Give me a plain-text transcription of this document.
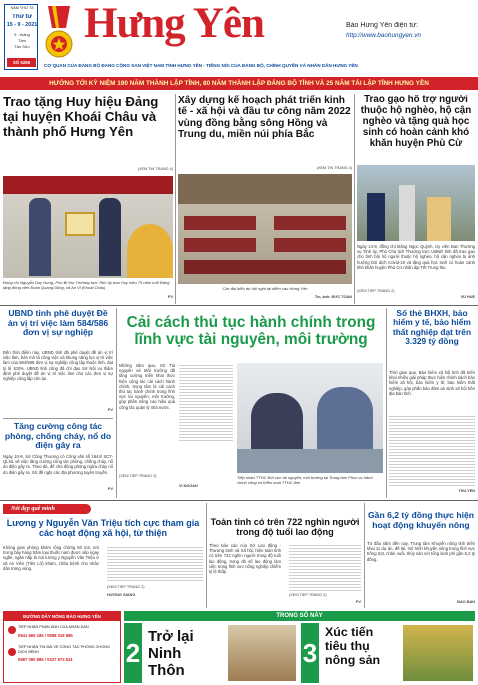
NĂM THỨ 78
Thứ tư
15 - 9 - 2021
9 - tháng
Tám
Tân Sửu
SỐ 5285
Hưng Yên	Báo Hưng Yên điện tử:
http://www.baohungyen.vn
CƠ QUAN CỦA ĐẢNG BỘ ĐẢNG CỘNG SẢN VIỆT NAM TỈNH HƯNG YÊN - TIẾNG NÓI CỦA ĐẢNG BỘ, CHÍNH QUYỀN VÀ NHÂN DÂN HƯNG YÊN
HƯỚNG TỚI KỶ NIỆM 190 NĂM THÀNH LẬP TỈNH, 80 NĂM THÀNH LẬP ĐẢNG BỘ TỈNH VÀ 25 NĂM TÁI LẬP TỈNH HƯNG YÊN
Trao tặng Huy hiệu Đảng tại huyện Khoái Châu và thành phố Hưng Yên
(XEM TIN TRANG 4)
Đồng chí Nguyễn Duy Hưng, Phó Bí thư Thường trực Tỉnh ủy trao Huy hiệu 75 năm tuổi Đảng tặng đồng viên Đoàn Quang Dũng, xã An Vĩ (Khoái Châu)
PV
Xây dựng kế hoạch phát triển kinh tế - xã hội và đầu tư công năm 2022 vùng đồng bằng sông Hồng và Trung du, miền núi phía Bắc
(XEM TIN TRANG 4)
Các đại biểu dự hội nghị tại điểm cầu Hưng Yên
Tin, ảnh: ĐỨC TOÀN
Trao gạo hỗ trợ người thuộc hộ nghèo, hộ cận nghèo và tặng quà học sinh có hoàn cảnh khó khăn huyện Phù Cừ
Ngày 14-9, đồng chí Đặng Ngọc Quỳnh, Ủy viên Ban Thường vụ Tỉnh ủy, Phó Chủ tịch Thường trực UBND tỉnh đã trao gạo cho tình bội hộ người thuộc hộ nghèo, hộ cận nghèo bị ảnh hưởng bởi dịch Covid-19 và tặng quà học sinh có hoàn cảnh khó khăn huyện Phù Cừ nhân dịp Tết Trung thu.
(XEM TIẾP TRANG 2)
VŨ HUẾ
UBND tỉnh phê duyệt Đề án vị trí việc làm 584/586 đơn vị sự nghiệp
Đến thời điểm này, UBND tỉnh đã phê duyệt đề án vị trí việc làm, bản mô tả công việc và khung năng lực vị trí việc làm của 584/586 đơn vị sự nghiệp công lập thuộc tỉnh, đạt tỷ lệ 100%. UBND tỉnh cũng đã chỉ đạo Sở Nội vụ thẩm định phê duyệt đề án vị trí việc làm cho các đơn vị sự nghiệp công lập còn lại.
PV
Tăng cường công tác phòng, chống cháy, nổ do điện gây ra
Ngày 10-9, Sở Công Thương có Công văn số 1644/ SCT-QLNL về việc tăng cường công tác phòng, chống cháy, nổ do điện gây ra. Theo đó, để chủ động phòng ngừa cháy nổ do điện gây ra, Sở đề nghị các địa phương tuyên truyền.
PV
Cải cách thủ tục hành chính trong lĩnh vực tài nguyên, môi trường
Những năm qua, Sở Tài nguyên và Môi trường đã tăng cường triển khai thực hiện công tác cải cách hành chính, trọng tâm là cải cách thủ tục hành chính trong lĩnh vực tài nguyên, môi trường, góp phần nâng cao hiệu quả công tác quản lý nhà nước.
(XEM TIẾP TRANG 3)
VI NGOAN
Tiếp nhận TTHC lĩnh vực tài nguyên, môi trường tại Trung tâm Phục vụ hành chính công và Kiểm soát TTHC tỉnh
Số thẻ BHXH, bảo hiểm y tế, bảo hiểm thất nghiệp đạt trên 3.329 tỷ đồng
Thời gian qua, Bảo hiểm xã hội tỉnh đã triển khai nhiều giải pháp thực hiện chính sách bảo hiểm xã hội, bảo hiểm y tế, bảo hiểm thất nghiệp, góp phần bảo đảm an sinh xã hội trên địa bàn tỉnh.
THU YẾN
Nét đẹp quê mình
Lương y Nguyễn Văn Triệu tích cực tham gia các hoạt động xã hội, từ thiện
Không gian phòng khám rộng chừng 50 m2, nơi trưng bày hàng trăm loại thuốc nam được xếp ngay ngắn, ngăn nắp là nơi lương y Nguyễn Văn Triệu ở xã An Viên (Tiên Lữ) khám, chữa bệnh cho nhân dân trong vùng.
(XEM TIẾP TRANG 2)
HƯƠNG GIANG
Toàn tỉnh có trên 722 nghìn người trong độ tuổi lao động
Theo báo cáo của Sở Lao động - Thương binh và Xã hội, hiện toàn tỉnh có trên 722 nghìn người trong độ tuổi lao động, trong đó số lao động làm việc trong lĩnh vực nông nghiệp chiếm tỷ lệ thấp.
(XEM TIẾP TRANG 2)
PV
Gần 6,2 tỷ đồng thực hiện hoạt động khuyến nông
Từ đầu năm đến nay, Trung tâm Khuyến nông tỉnh triển khai 11 dự án, đề tài, mô hình khuyến nông trong lĩnh vực trồng trọt, chăn nuôi, thủy sản với tổng kinh phí gần 6,2 tỷ đồng.
ĐÀO BẢN
ĐƯỜNG DÂY NÓNG BÁO HƯNG YÊN
TIẾP NHẬN PHẢN ÁNH CỦA NHÂN DÂN
0941 665 185 / 0888 318 885
TIẾP NHẬN TIN BÀI VỀ CÔNG TÁC PHÒNG CHỐNG DỊCH BỆNH
0987 090 885 / 0337 973 531
TRONG SỐ NÀY
2
Trở lại Ninh Thôn
3
Xúc tiến tiêu thụ nông sản
